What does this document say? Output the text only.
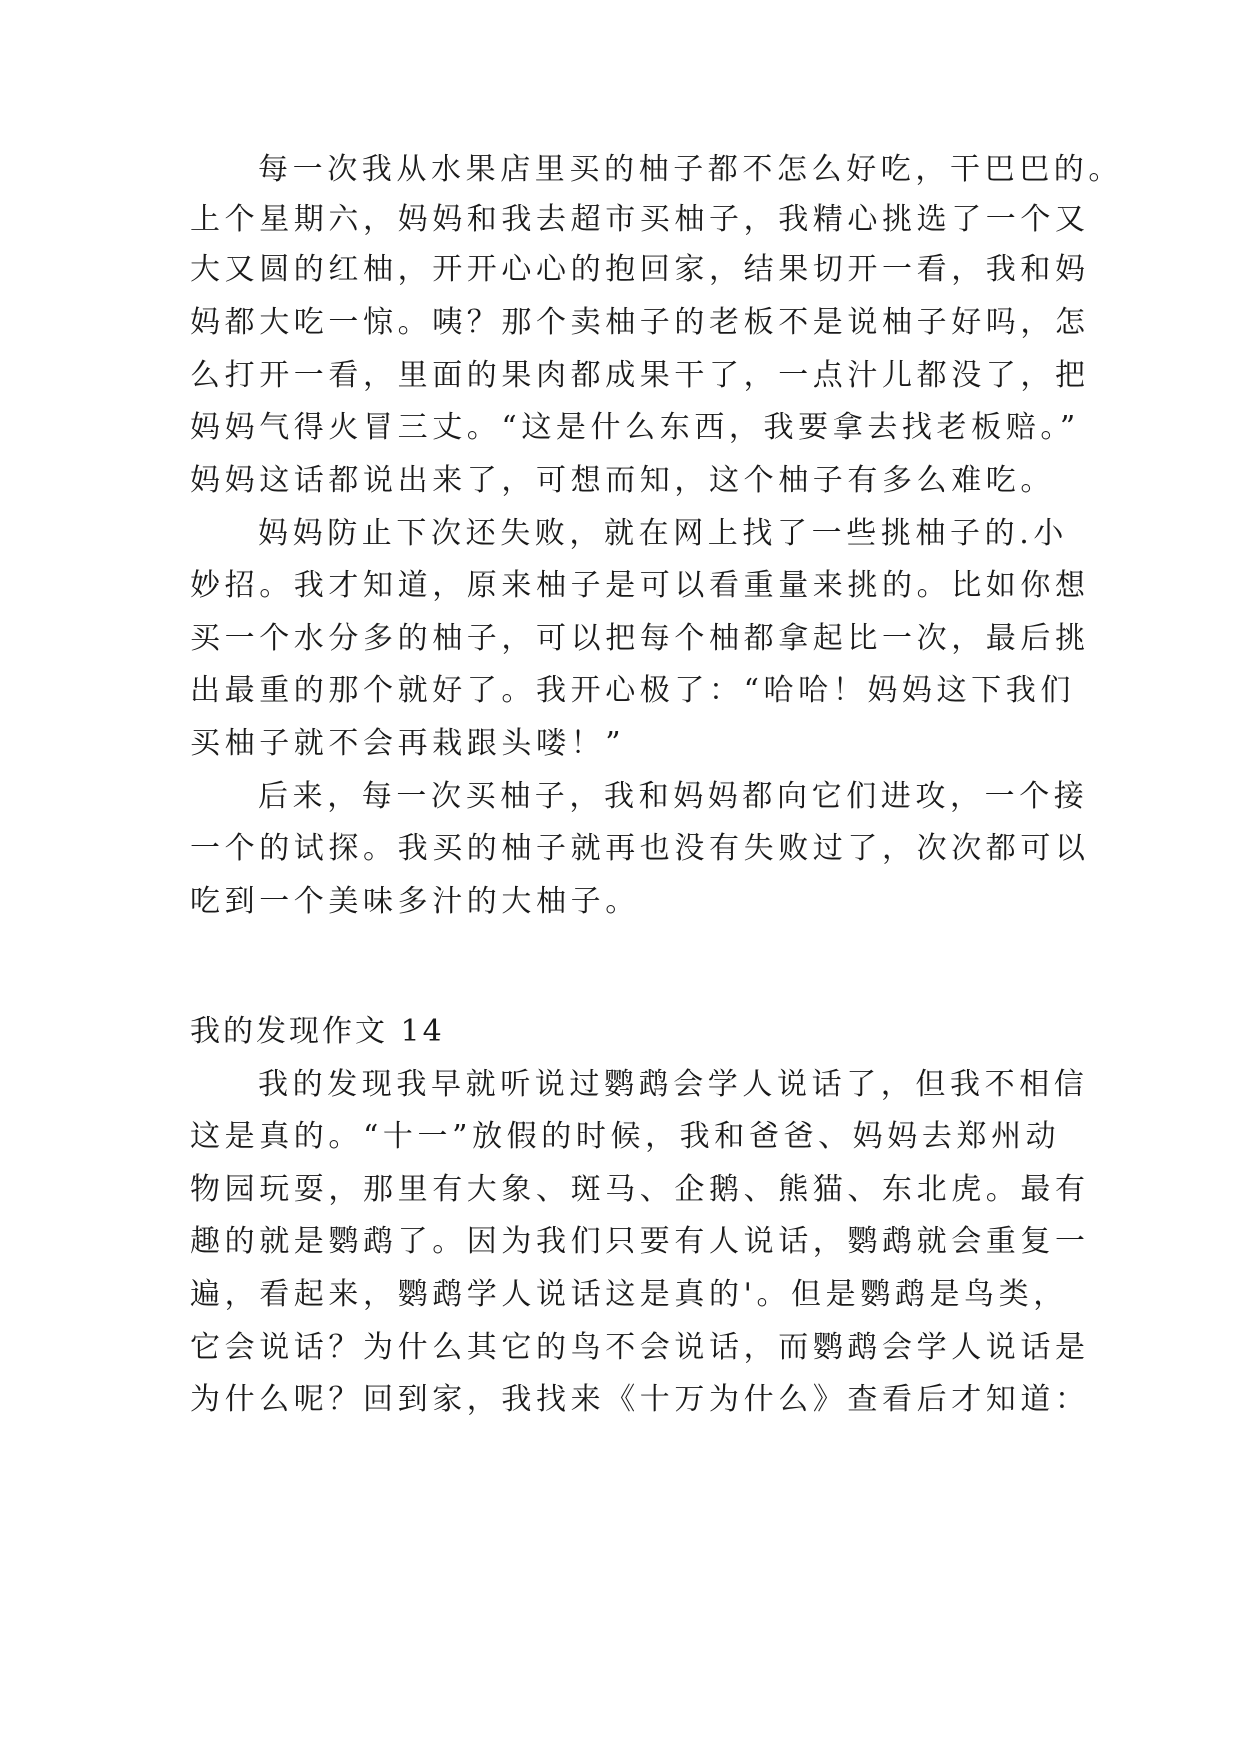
每一次我从水果店里买的柚子都不怎么好吃，干巴巴的。
上个星期六，妈妈和我去超市买柚子，我精心挑选了一个又
大又圆的红柚，开开心心的抱回家，结果切开一看，我和妈
妈都大吃一惊。咦？那个卖柚子的老板不是说柚子好吗，怎
么打开一看，里面的果肉都成果干了，一点汁儿都没了，把
妈妈气得火冒三丈。“这是什么东西，我要拿去找老板赔。”
妈妈这话都说出来了，可想而知，这个柚子有多么难吃。
妈妈防止下次还失败，就在网上找了一些挑柚子的.小
妙招。我才知道，原来柚子是可以看重量来挑的。比如你想
买一个水分多的柚子，可以把每个柚都拿起比一次，最后挑
出最重的那个就好了。我开心极了：“哈哈！妈妈这下我们
买柚子就不会再栽跟头喽！”
后来，每一次买柚子，我和妈妈都向它们进攻，一个接
一个的试探。我买的柚子就再也没有失败过了，次次都可以
吃到一个美味多汁的大柚子。
我的发现作文 14
我的发现我早就听说过鹦鹉会学人说话了，但我不相信
这是真的。“十一”放假的时候，我和爸爸、妈妈去郑州动
物园玩耍，那里有大象、斑马、企鹅、熊猫、东北虎。最有
趣的就是鹦鹉了。因为我们只要有人说话，鹦鹉就会重复一
遍，看起来，鹦鹉学人说话这是真的'。但是鹦鹉是鸟类，
它会说话？为什么其它的鸟不会说话，而鹦鹉会学人说话是
为什么呢？回到家，我找来《十万为什么》查看后才知道：
